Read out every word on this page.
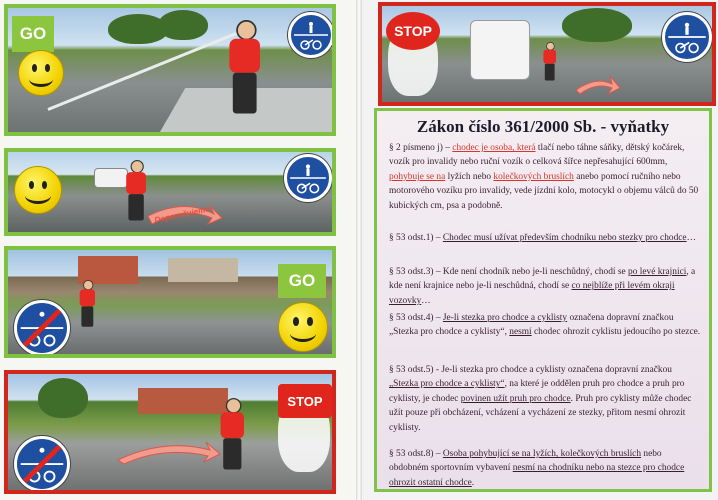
GO
Doporučujeme
GO
STOP
STOP
Zákon číslo 361/2000 Sb. - vyňatky
§ 2 písmeno j) – chodec je osoba, která tlačí nebo táhne sáňky, dětský kočárek, vozík pro invalidy nebo ruční vozík o celková šířce nepřesahující 600mm, pohybuje se na lyžích nebo kolečkových bruslích anebo pomocí ručního nebo motorového vozíku pro invalidy, vede jízdní kolo, motocykl o objemu válců do 50 kubických cm, psa a podobně.
§ 53 odst.1) – Chodec musí užívat především chodníku nebo stezky pro chodce…
§ 53 odst.3) – Kde není chodník nebo je-li neschůdný, chodí se po levé krajnici, a kde není krajnice nebo je-li neschůdná, chodí se co nejblíže při levém okraji vozovky…
§ 53 odst.4) – Je-li stezka pro chodce a cyklisty označena dopravní značkou „Stezka pro chodce a cyklisty“, nesmí chodec ohrozit cyklistu jedoucího po stezce.
§ 53 odst.5) - Je-li stezka pro chodce a cyklisty označena dopravní značkou „Stezka pro chodce a cyklisty“, na které je oddělen pruh pro chodce a pruh pro cyklisty, je chodec povinen užít pruh pro chodce. Pruh pro cyklisty může chodec užít pouze při obcházení, vcházení a vycházení ze stezky, přitom nesmí ohrozit cyklisty.
§ 53 odst.8) – Osoba pohybující se na lyžích, kolečkových bruslích nebo obdobném sportovním vybavení nesmí na chodníku nebo na stezce pro chodce ohrozit ostatní chodce.
